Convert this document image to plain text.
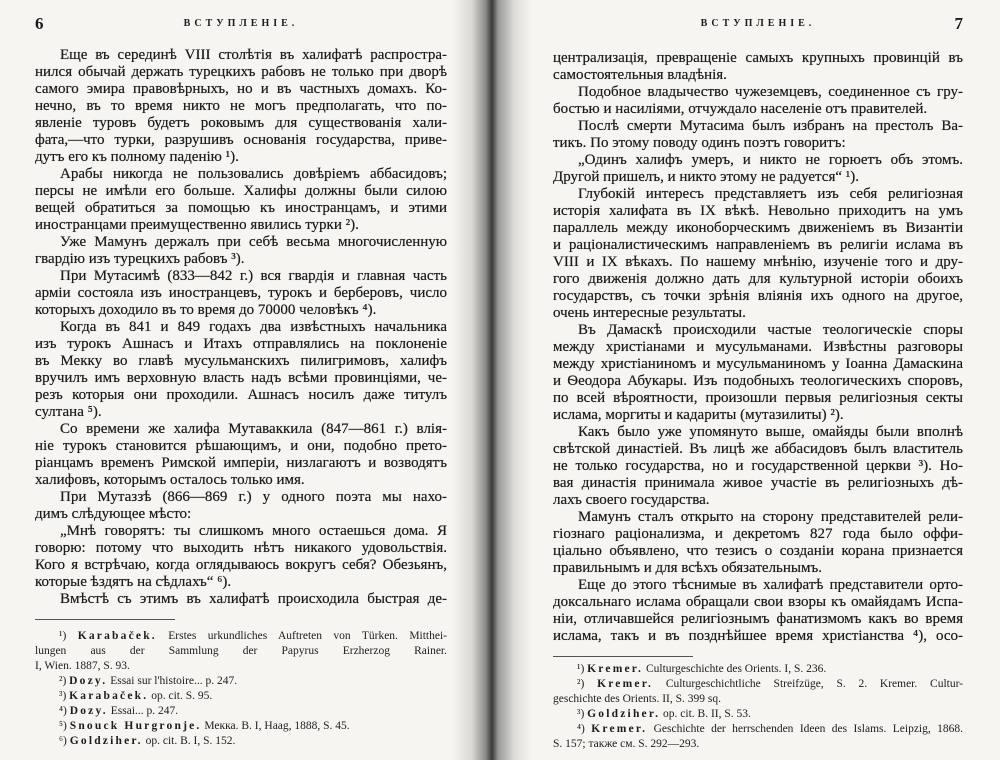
6	ВСТУПЛЕНІЕ.
Еще въ серединѣ VIII столѣтія въ халифатѣ распростра-
нился обычай держать турецкихъ рабовъ не только при дворѣ
самого эмира правовѣрныхъ, но и въ частныхъ домахъ. Ко-
нечно, въ то время никто не могъ предполагать, что по-
явленіе туровъ будетъ роковымъ для существованія хали-
фата,—что турки, разрушивъ основанія государства, приве-
дутъ его къ полному паденію ¹).
Арабы никогда не пользовались довѣріемъ аббасидовъ;
персы не имѣли его больше. Халифы должны были силою
вещей обратиться за помощью къ иностранцамъ, и этими
иностранцами преимущественно явились турки ²).
Уже Мамунъ держалъ при себѣ весьма многочисленную
гвардію изъ турецкихъ рабовъ ³).
При Мутасимѣ (833—842 г.) вся гвардія и главная часть
арміи состояла изъ иностранцевъ, турокъ и берберовъ, число
которыхъ доходило въ то время до 70000 человѣкъ ⁴).
Когда въ 841 и 849 годахъ два извѣстныхъ начальника
изъ турокъ Ашнасъ и Итахъ отправлялись на поклоненіе
въ Мекку во главѣ мусульманскихъ пилигримовъ, халифъ
вручилъ имъ верховную власть надъ всѣми провинціями, че-
резъ которыя они проходили. Ашнасъ носилъ даже титулъ
султана ⁵).
Со времени же халифа Мутаваккила (847—861 г.) влія-
ніе турокъ становится рѣшающимъ, и они, подобно прето-
ріанцамъ временъ Римской имперіи, низлагаютъ и возводятъ
халифовъ, которымъ осталось только имя.
При Мутаззѣ (866—869 г.) у одного поэта мы нахо-
димъ слѣдующее мѣсто:
„Мнѣ говорятъ: ты слишкомъ много остаешься дома. Я
говорю: потому что выходить нѣтъ никакого удовольствія.
Кого я встрѣчаю, когда оглядываюсь вокругъ себя? Обезьянъ,
которые ѣздятъ на сѣдлахъ“ ⁶).
Вмѣстѣ съ этимъ въ халифатѣ происходила быстрая де-
¹) Karabaček. Erstes urkundliches Auftreten von Türken. Mitthei-
lungen aus der Sammlung der Papyrus Erzherzog Rainer.
I, Wien. 1887, S. 93.
²) Dozy. Essai sur l'histoire... p. 247.
³) Karabaček. op. cit. S. 95.
⁴) Dozy. Essai... p. 247.
⁵) Snouck Hurgronje. Мекка. B. I, Haag, 1888, S. 45.
⁶) Goldziher. op. cit. B. I, S. 152.
ВСТУПЛЕНІЕ.	7
централизація, превращеніе самыхъ крупныхъ провинцій въ
самостоятельныя владѣнія.
Подобное владычество чужеземцевъ, соединенное съ гру-
бостью и насиліями, отчуждало населеніе отъ правителей.
Послѣ смерти Мутасима былъ избранъ на престолъ Ва-
тикъ. По этому поводу одинъ поэтъ говоритъ:
„Одинъ халифъ умеръ, и никто не горюетъ объ этомъ.
Другой пришелъ, и никто этому не радуется“ ¹).
Глубокій интересъ представляетъ изъ себя религіозная
исторія халифата въ IX вѣкѣ. Невольно приходитъ на умъ
параллель между иконоборческимъ движеніемъ въ Византіи
и раціоналистическимъ направленіемъ въ религіи ислама въ
VIII и IX вѣкахъ. По нашему мнѣнію, изученіе того и дру-
гого движенія должно дать для культурной исторіи обоихъ
государствъ, съ точки зрѣнія вліянія ихъ одного на другое,
очень интересные результаты.
Въ Дамаскѣ происходили частые теологическіе споры
между христіанами и мусульманами. Извѣстны разговоры
между христіаниномъ и мусульманиномъ у Іоанна Дамаскина
и Ѳеодора Абукары. Изъ подобныхъ теологическихъ споровъ,
по всей вѣроятности, произошли первыя религіозныя секты
ислама, моргиты и кадариты (мутазилиты) ²).
Какъ было уже упомянуто выше, омайяды были вполнѣ
свѣтской династіей. Въ лицѣ же аббасидовъ былъ властитель
не только государства, но и государственной церкви ³). Но-
вая династія принимала живое участіе въ религіозныхъ дѣ-
лахъ своего государства.
Мамунъ сталъ открыто на сторону представителей рели-
гіознаго раціонализма, и декретомъ 827 года было оффи-
ціально объявлено, что тезисъ о созданіи корана признается
правильнымъ и для всѣхъ обязательнымъ.
Еще до этого тѣснимые въ халифатѣ представители орто-
доксальнаго ислама обращали свои взоры къ омайядамъ Испа-
ніи, отличавшейся религіознымъ фанатизмомъ какъ во время
ислама, такъ и въ позднѣйшее время христіанства ⁴), осо-
¹) Kremer. Culturgeschichte des Orients. I, S. 236.
²) Kremer. Culturgeschichtliche Streifzüge, S. 2. Kremer. Cultur-
geschichte des Orients. II, S. 399 sq.
³) Goldziher. op. cit. B. II, S. 53.
⁴) Kremer. Geschichte der herrschenden Ideen des Islams. Leipzig, 1868.
S. 157; также см. S. 292—293.
